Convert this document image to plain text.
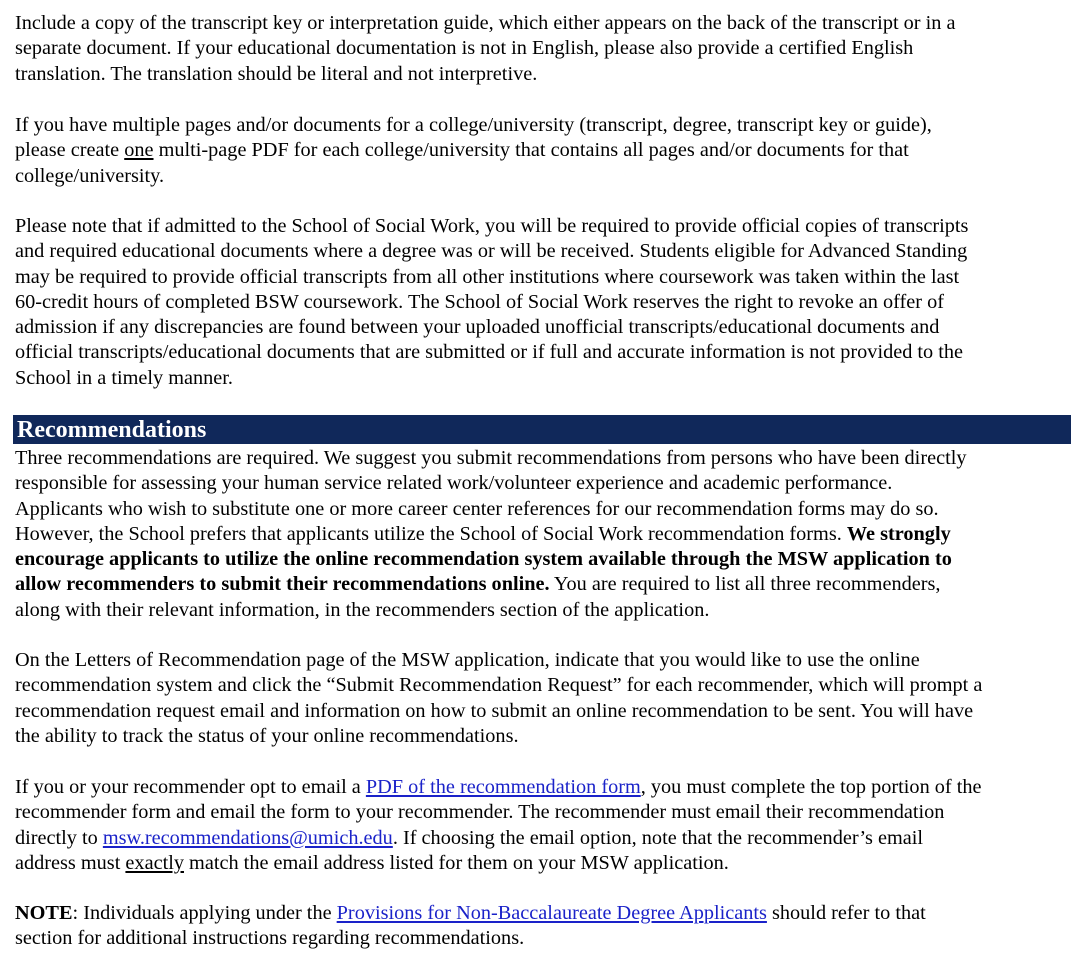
Include a copy of the transcript key or interpretation guide, which either appears on the back of the transcript or in a
separate document. If your educational documentation is not in English, please also provide a certified English
translation. The translation should be literal and not interpretive.

If you have multiple pages and/or documents for a college/university (transcript, degree, transcript key or guide),
please create one multi-page PDF for each college/university that contains all pages and/or documents for that
college/university.

Please note that if admitted to the School of Social Work, you will be required to provide official copies of transcripts
and required educational documents where a degree was or will be received. Students eligible for Advanced Standing
may be required to provide official transcripts from all other institutions where coursework was taken within the last
60-credit hours of completed BSW coursework. The School of Social Work reserves the right to revoke an offer of
admission if any discrepancies are found between your uploaded unofficial transcripts/educational documents and
official transcripts/educational documents that are submitted or if full and accurate information is not provided to the
School in a timely manner.

Recommendations

Three recommendations are required. We suggest you submit recommendations from persons who have been directly
responsible for assessing your human service related work/volunteer experience and academic performance.
Applicants who wish to substitute one or more career center references for our recommendation forms may do so.
However, the School prefers that applicants utilize the School of Social Work recommendation forms. We strongly
encourage applicants to utilize the online recommendation system available through the MSW application to
allow recommenders to submit their recommendations online. You are required to list all three recommenders,
along with their relevant information, in the recommenders section of the application.

On the Letters of Recommendation page of the MSW application, indicate that you would like to use the online
recommendation system and click the “Submit Recommendation Request” for each recommender, which will prompt a
recommendation request email and information on how to submit an online recommendation to be sent. You will have
the ability to track the status of your online recommendations.

If you or your recommender opt to email a PDF of the recommendation form, you must complete the top portion of the
recommender form and email the form to your recommender. The recommender must email their recommendation
directly to msw.recommendations@umich.edu. If choosing the email option, note that the recommender’s email
address must exactly match the email address listed for them on your MSW application.

NOTE: Individuals applying under the Provisions for Non-Baccalaureate Degree Applicants should refer to that
section for additional instructions regarding recommendations.
